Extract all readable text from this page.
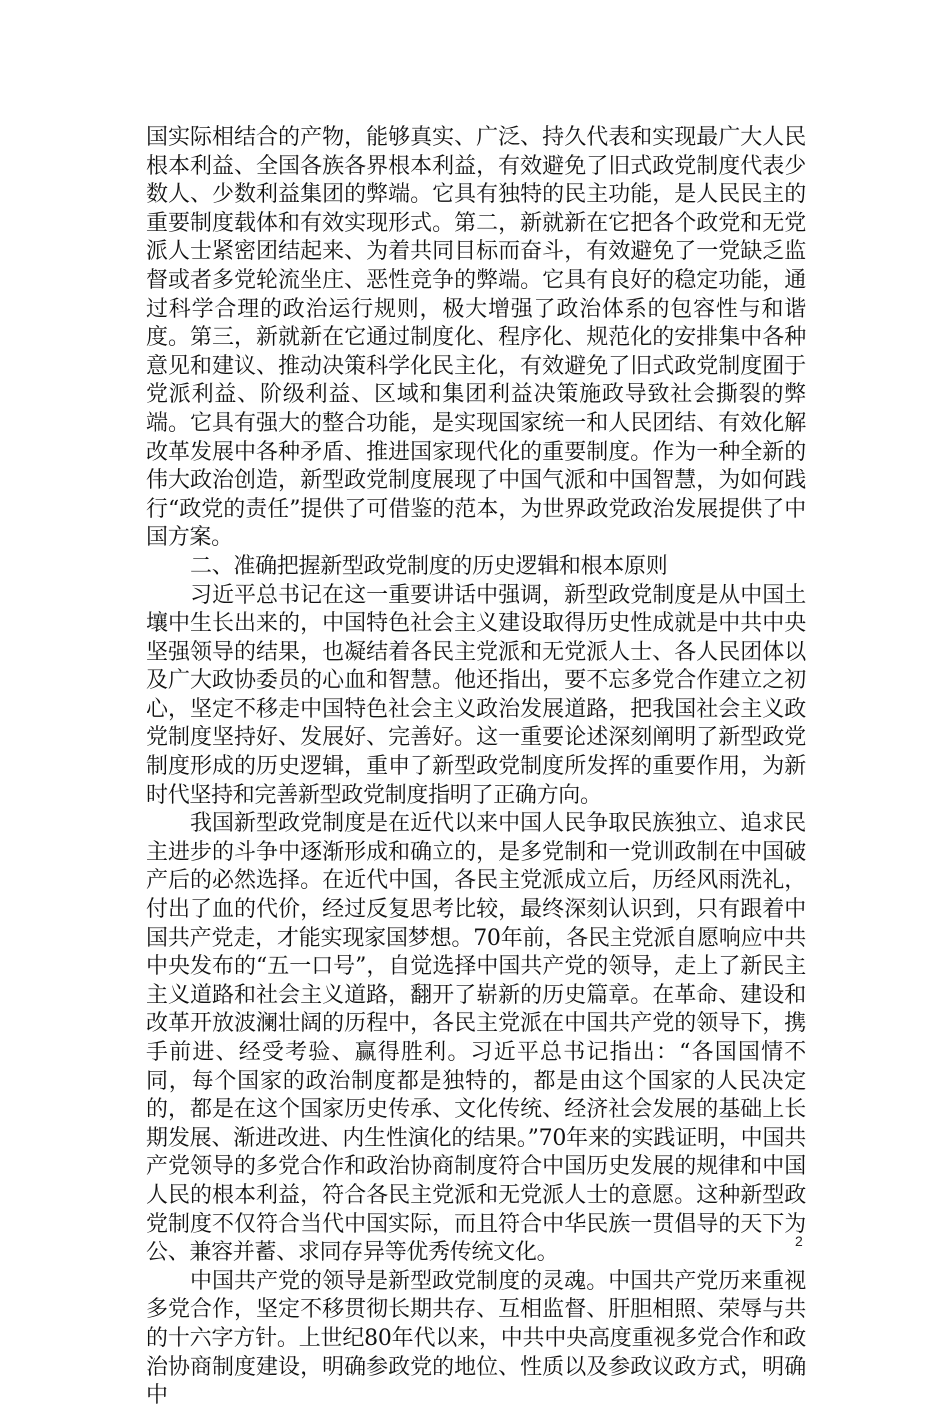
国实际相结合的产物，能够真实、广泛、持久代表和实现最广大人民根本利益、全国各族各界根本利益，有效避免了旧式政党制度代表少数人、少数利益集团的弊端。它具有独特的民主功能，是人民民主的重要制度载体和有效实现形式。第二，新就新在它把各个政党和无党派人士紧密团结起来、为着共同目标而奋斗，有效避免了一党缺乏监督或者多党轮流坐庄、恶性竞争的弊端。它具有良好的稳定功能，通过科学合理的政治运行规则，极大增强了政治体系的包容性与和谐度。第三，新就新在它通过制度化、程序化、规范化的安排集中各种意见和建议、推动决策科学化民主化，有效避免了旧式政党制度囿于党派利益、阶级利益、区域和集团利益决策施政导致社会撕裂的弊端。它具有强大的整合功能，是实现国家统一和人民团结、有效化解改革发展中各种矛盾、推进国家现代化的重要制度。作为一种全新的伟大政治创造，新型政党制度展现了中国气派和中国智慧，为如何践行“政党的责任”提供了可借鉴的范本，为世界政党政治发展提供了中国方案。

二、准确把握新型政党制度的历史逻辑和根本原则

习近平总书记在这一重要讲话中强调，新型政党制度是从中国土壤中生长出来的，中国特色社会主义建设取得历史性成就是中共中央坚强领导的结果，也凝结着各民主党派和无党派人士、各人民团体以及广大政协委员的心血和智慧。他还指出，要不忘多党合作建立之初心，坚定不移走中国特色社会主义政治发展道路，把我国社会主义政党制度坚持好、发展好、完善好。这一重要论述深刻阐明了新型政党制度形成的历史逻辑，重申了新型政党制度所发挥的重要作用，为新时代坚持和完善新型政党制度指明了正确方向。

我国新型政党制度是在近代以来中国人民争取民族独立、追求民主进步的斗争中逐渐形成和确立的，是多党制和一党训政制在中国破产后的必然选择。在近代中国，各民主党派成立后，历经风雨洗礼，付出了血的代价，经过反复思考比较，最终深刻认识到，只有跟着中国共产党走，才能实现家国梦想。70年前，各民主党派自愿响应中共中央发布的“五一口号”，自觉选择中国共产党的领导，走上了新民主主义道路和社会主义道路，翻开了崭新的历史篇章。在革命、建设和改革开放波澜壮阔的历程中，各民主党派在中国共产党的领导下，携手前进、经受考验、赢得胜利。习近平总书记指出：“各国国情不同，每个国家的政治制度都是独特的，都是由这个国家的人民决定的，都是在这个国家历史传承、文化传统、经济社会发展的基础上长期发展、渐进改进、内生性演化的结果。”70年来的实践证明，中国共产党领导的多党合作和政治协商制度符合中国历史发展的规律和中国人民的根本利益，符合各民主党派和无党派人士的意愿。这种新型政党制度不仅符合当代中国实际，而且符合中华民族一贯倡导的天下为公、兼容并蓄、求同存异等优秀传统文化。

中国共产党的领导是新型政党制度的灵魂。中国共产党历来重视多党合作，坚定不移贯彻长期共存、互相监督、肝胆相照、荣辱与共的十六字方针。上世纪80年代以来，中共中央高度重视多党合作和政治协商制度建设，明确参政党的地位、性质以及参政议政方式，明确中

2
